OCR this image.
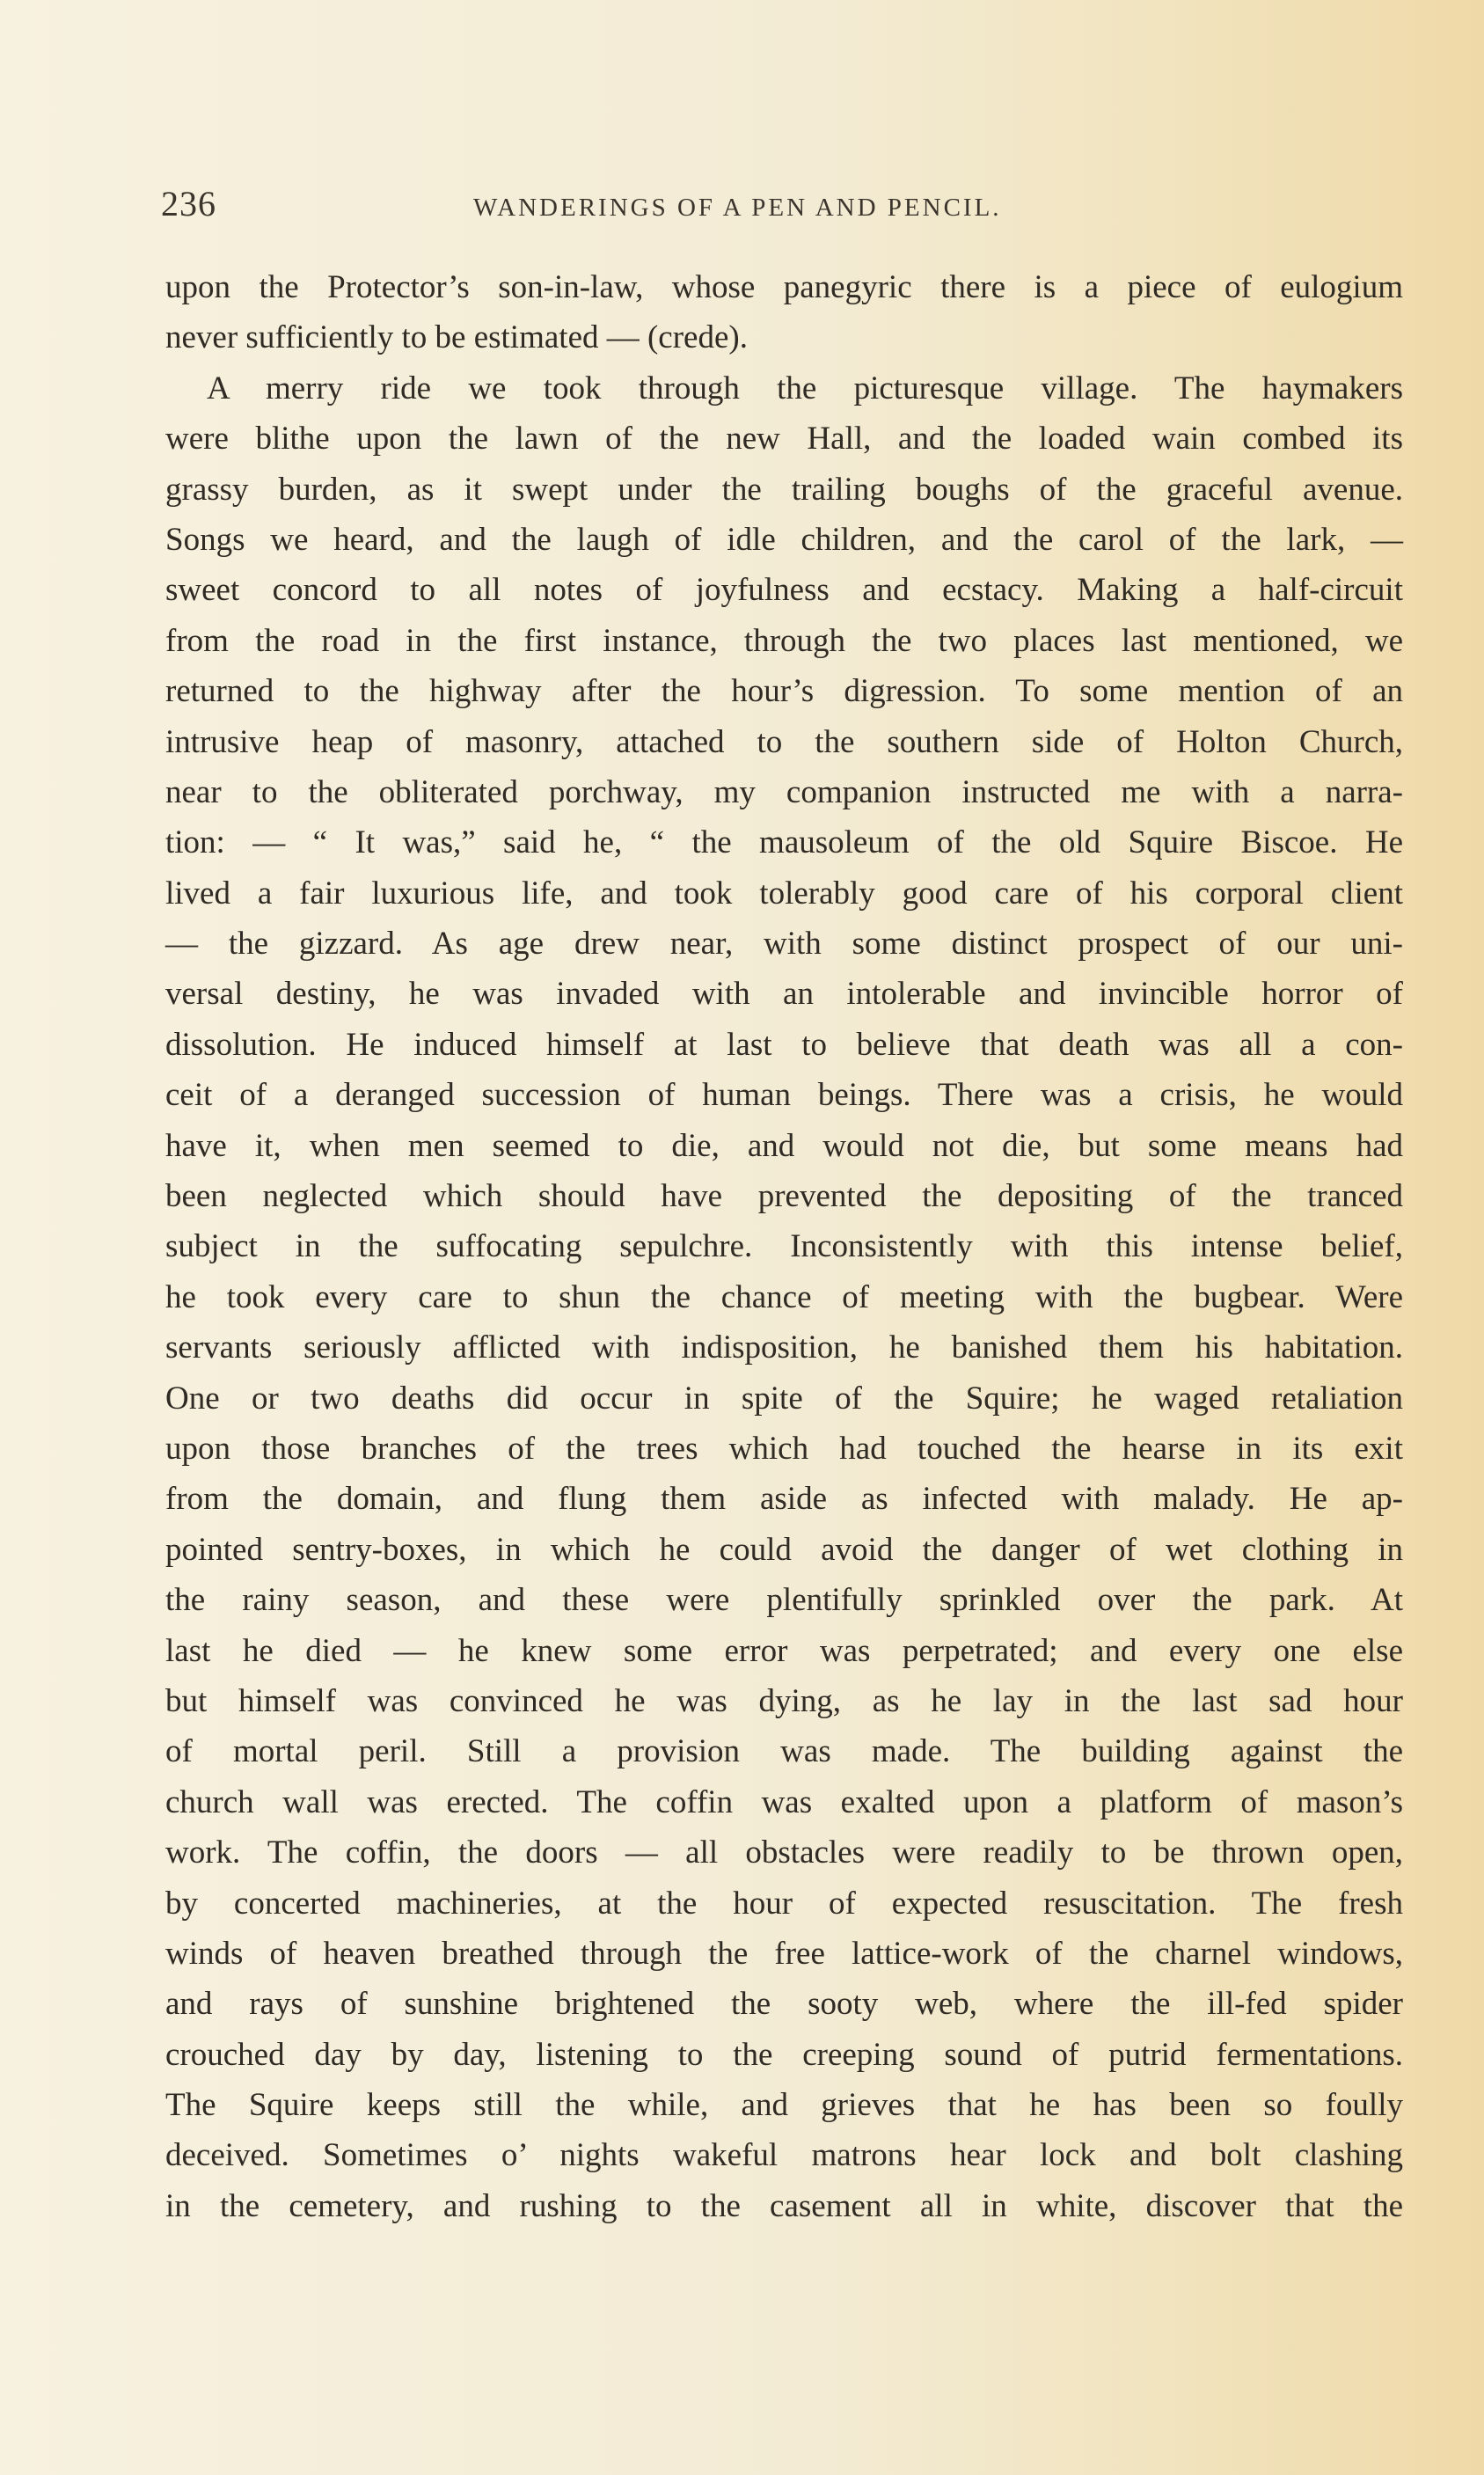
236	WANDERINGS OF A PEN AND PENCIL.
upon the Protector’s son-in-law, whose panegyric there is a piece of eulogium
never sufficiently to be estimated — (crede).
A merry ride we took through the picturesque village. The haymakers
were blithe upon the lawn of the new Hall, and the loaded wain combed its
grassy burden, as it swept under the trailing boughs of the graceful avenue.
Songs we heard, and the laugh of idle children, and the carol of the lark, —
sweet concord to all notes of joyfulness and ecstacy. Making a half-circuit
from the road in the first instance, through the two places last mentioned, we
returned to the highway after the hour’s digression. To some mention of an
intrusive heap of masonry, attached to the southern side of Holton Church,
near to the obliterated porchway, my companion instructed me with a narra-
tion: — “ It was,” said he, “ the mausoleum of the old Squire Biscoe. He
lived a fair luxurious life, and took tolerably good care of his corporal client
— the gizzard. As age drew near, with some distinct prospect of our uni-
versal destiny, he was invaded with an intolerable and invincible horror of
dissolution. He induced himself at last to believe that death was all a con-
ceit of a deranged succession of human beings. There was a crisis, he would
have it, when men seemed to die, and would not die, but some means had
been neglected which should have prevented the depositing of the tranced
subject in the suffocating sepulchre. Inconsistently with this intense belief,
he took every care to shun the chance of meeting with the bugbear. Were
servants seriously afflicted with indisposition, he banished them his habitation.
One or two deaths did occur in spite of the Squire; he waged retaliation
upon those branches of the trees which had touched the hearse in its exit
from the domain, and flung them aside as infected with malady. He ap-
pointed sentry-boxes, in which he could avoid the danger of wet clothing in
the rainy season, and these were plentifully sprinkled over the park. At
last he died — he knew some error was perpetrated; and every one else
but himself was convinced he was dying, as he lay in the last sad hour
of mortal peril. Still a provision was made. The building against the
church wall was erected. The coffin was exalted upon a platform of mason’s
work. The coffin, the doors — all obstacles were readily to be thrown open,
by concerted machineries, at the hour of expected resuscitation. The fresh
winds of heaven breathed through the free lattice-work of the charnel windows,
and rays of sunshine brightened the sooty web, where the ill-fed spider
crouched day by day, listening to the creeping sound of putrid fermentations.
The Squire keeps still the while, and grieves that he has been so foully
deceived. Sometimes o’ nights wakeful matrons hear lock and bolt clashing
in the cemetery, and rushing to the casement all in white, discover that the
